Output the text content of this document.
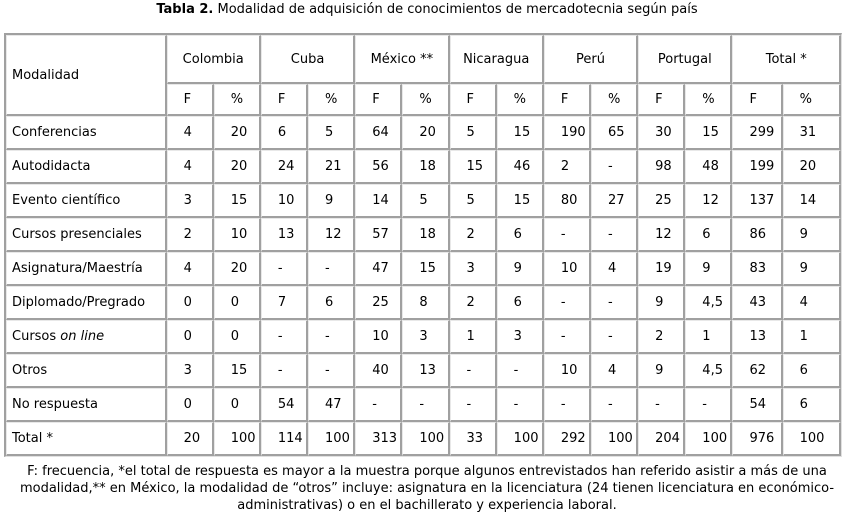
Tabla 2. Modalidad de adquisición de conocimientos de mercadotecnia según país
Modalidad	Colombia		Cuba		México **		Nicaragua		Perú		Portugal		Total *	
	F	%	F	%	F	%	F	%	F	%	F	%	F	%
Conferencias	4	20	6	5	64	20	5	15	190	65	30	15	299	31
Autodidacta	4	20	24	21	56	18	15	46	2	-	98	48	199	20
Evento científico	3	15	10	9	14	5	5	15	80	27	25	12	137	14
Cursos presenciales	2	10	13	12	57	18	2	6	-	-	12	6	86	9
Asignatura/Maestría	4	20	-	-	47	15	3	9	10	4	19	9	83	9
Diplomado/Pregrado	0	0	7	6	25	8	2	6	-	-	9	4,5	43	4
Cursos on line	0	0	-	-	10	3	1	3	-	-	2	1	13	1
Otros	3	15	-	-	40	13	-	-	10	4	9	4,5	62	6
No respuesta	0	0	54	47	-	-	-	-	-	-	-	-	54	6
Total *	20	100	114	100	313	100	33	100	292	100	204	100	976	100
F: frecuencia, *el total de respuesta es mayor a la muestra porque algunos entrevistados han referido asistir a más de una
modalidad,** en México, la modalidad de “otros” incluye: asignatura en la licenciatura (24 tienen licenciatura en económico-
administrativas) o en el bachillerato y experiencia laboral.
